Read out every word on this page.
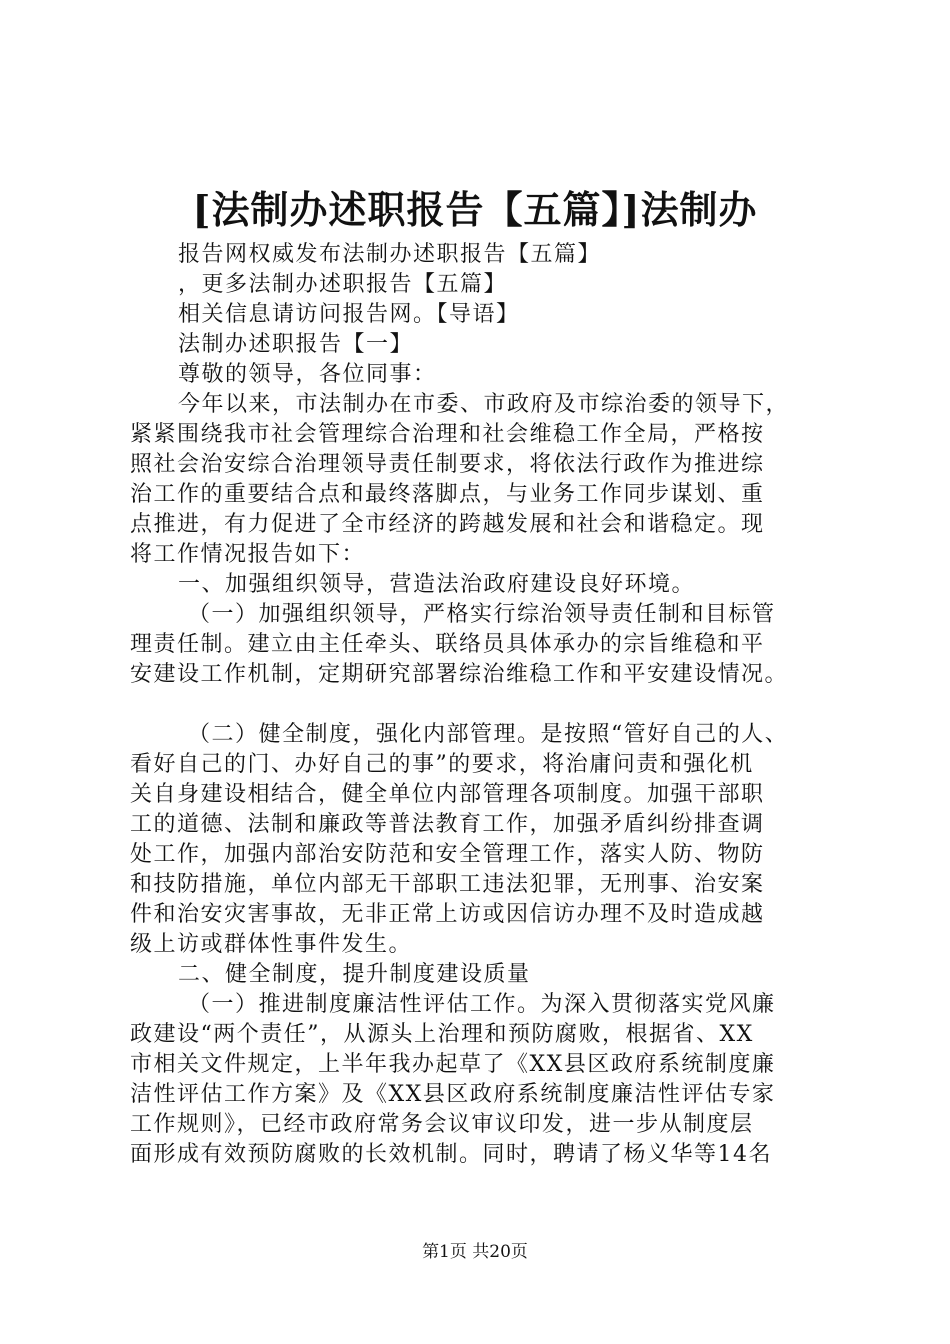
[法制办述职报告【五篇】]法制办
报告网权威发布法制办述职报告【五篇】
，更多法制办述职报告【五篇】
相关信息请访问报告网。【导语】
法制办述职报告【一】
尊敬的领导，各位同事：
今年以来，市法制办在市委、市政府及市综治委的领导下，
紧紧围绕我市社会管理综合治理和社会维稳工作全局，严格按
照社会治安综合治理领导责任制要求，将依法行政作为推进综
治工作的重要结合点和最终落脚点，与业务工作同步谋划、重
点推进，有力促进了全市经济的跨越发展和社会和谐稳定。现
将工作情况报告如下：
一、加强组织领导，营造法治政府建设良好环境。
（一）加强组织领导，严格实行综治领导责任制和目标管
理责任制。建立由主任牵头、联络员具体承办的宗旨维稳和平
安建设工作机制，定期研究部署综治维稳工作和平安建设情况。
（二）健全制度，强化内部管理。是按照“管好自己的人、
看好自己的门、办好自己的事”的要求，将治庸问责和强化机
关自身建设相结合，健全单位内部管理各项制度。加强干部职
工的道德、法制和廉政等普法教育工作，加强矛盾纠纷排查调
处工作，加强内部治安防范和安全管理工作，落实人防、物防
和技防措施，单位内部无干部职工违法犯罪，无刑事、治安案
件和治安灾害事故，无非正常上访或因信访办理不及时造成越
级上访或群体性事件发生。
二、健全制度，提升制度建设质量
（一）推进制度廉洁性评估工作。为深入贯彻落实党风廉
政建设“两个责任”，从源头上治理和预防腐败，根据省、XX
市相关文件规定，上半年我办起草了《XX县区政府系统制度廉
洁性评估工作方案》及《XX县区政府系统制度廉洁性评估专家
工作规则》，已经市政府常务会议审议印发，进一步从制度层
面形成有效预防腐败的长效机制。同时，聘请了杨义华等14名
第1页 共20页
